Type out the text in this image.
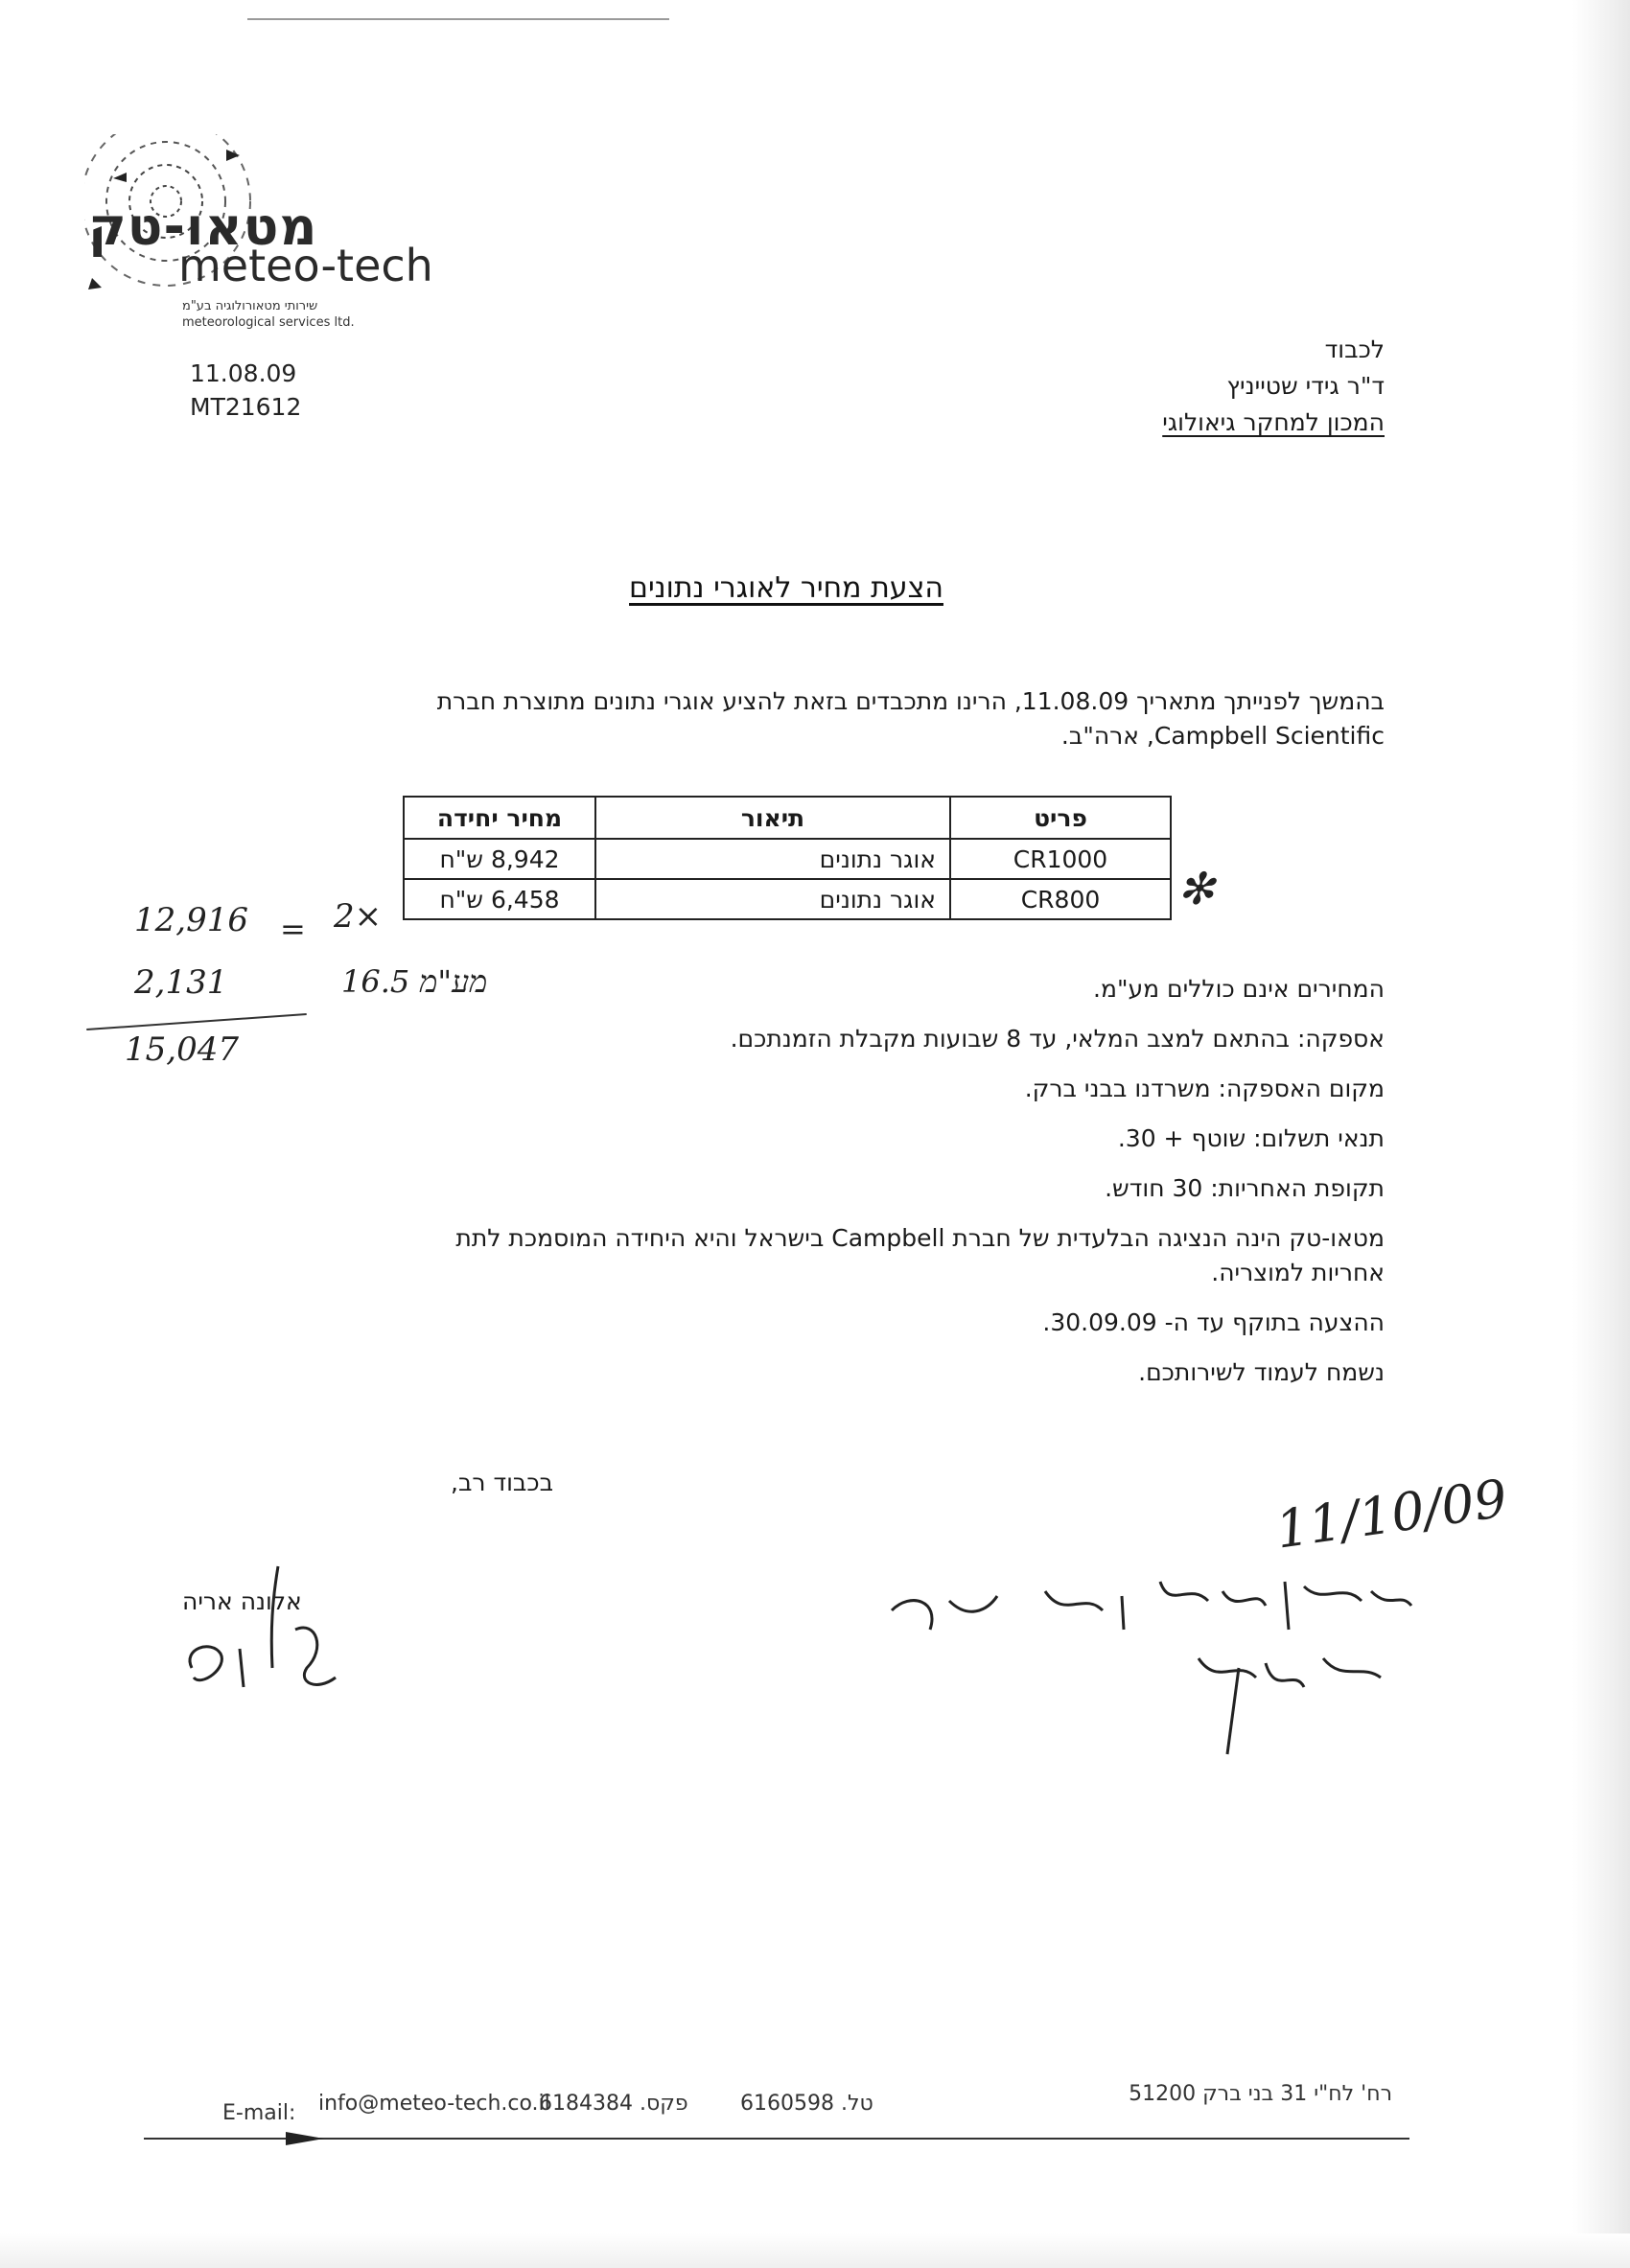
מטאו-טק
meteo-tech
שירותי מטאורולוגיה בע"מ
meteorological services ltd.
11.08.09
MT21612
לכבוד
ד"ר גידי שטייניץ
המכון למחקר גיאולוגי
הצעת מחיר לאוגרי נתונים
בהמשך לפנייתך מתאריך 11.08.09, הרינו מתכבדים בזאת להציע אוגרי נתונים מתוצרת חברת
Campbell Scientific, ארה"ב.
פריט	תיאור	מחיר יחידה
CR1000	אוגר נתונים	8,942 ש"ח
CR800	אוגר נתונים	6,458 ש"ח	✻
12,916 = 2×
2,131	16.5 מע"מ
15,047
המחירים אינם כוללים מע"מ.
אספקה: בהתאם למצב המלאי, עד 8 שבועות מקבלת הזמנתכם.
מקום האספקה: משרדנו בבני ברק.
תנאי תשלום: שוטף + 30.
תקופת האחריות: 30 חודש.
מטאו-טק הינה הנציגה הבלעדית של חברת Campbell בישראל והיא היחידה המוסמכת לתת
אחריות למוצריה.
ההצעה בתוקף עד ה- 30.09.09.
נשמח לעמוד לשירותכם.
בכבוד רב,
אלונה אריה
11/10/09
E-mail: info@meteo-tech.co.il
פקס. 6184384 טל. 6160598	רח' לח"י 31 בני ברק 51200
